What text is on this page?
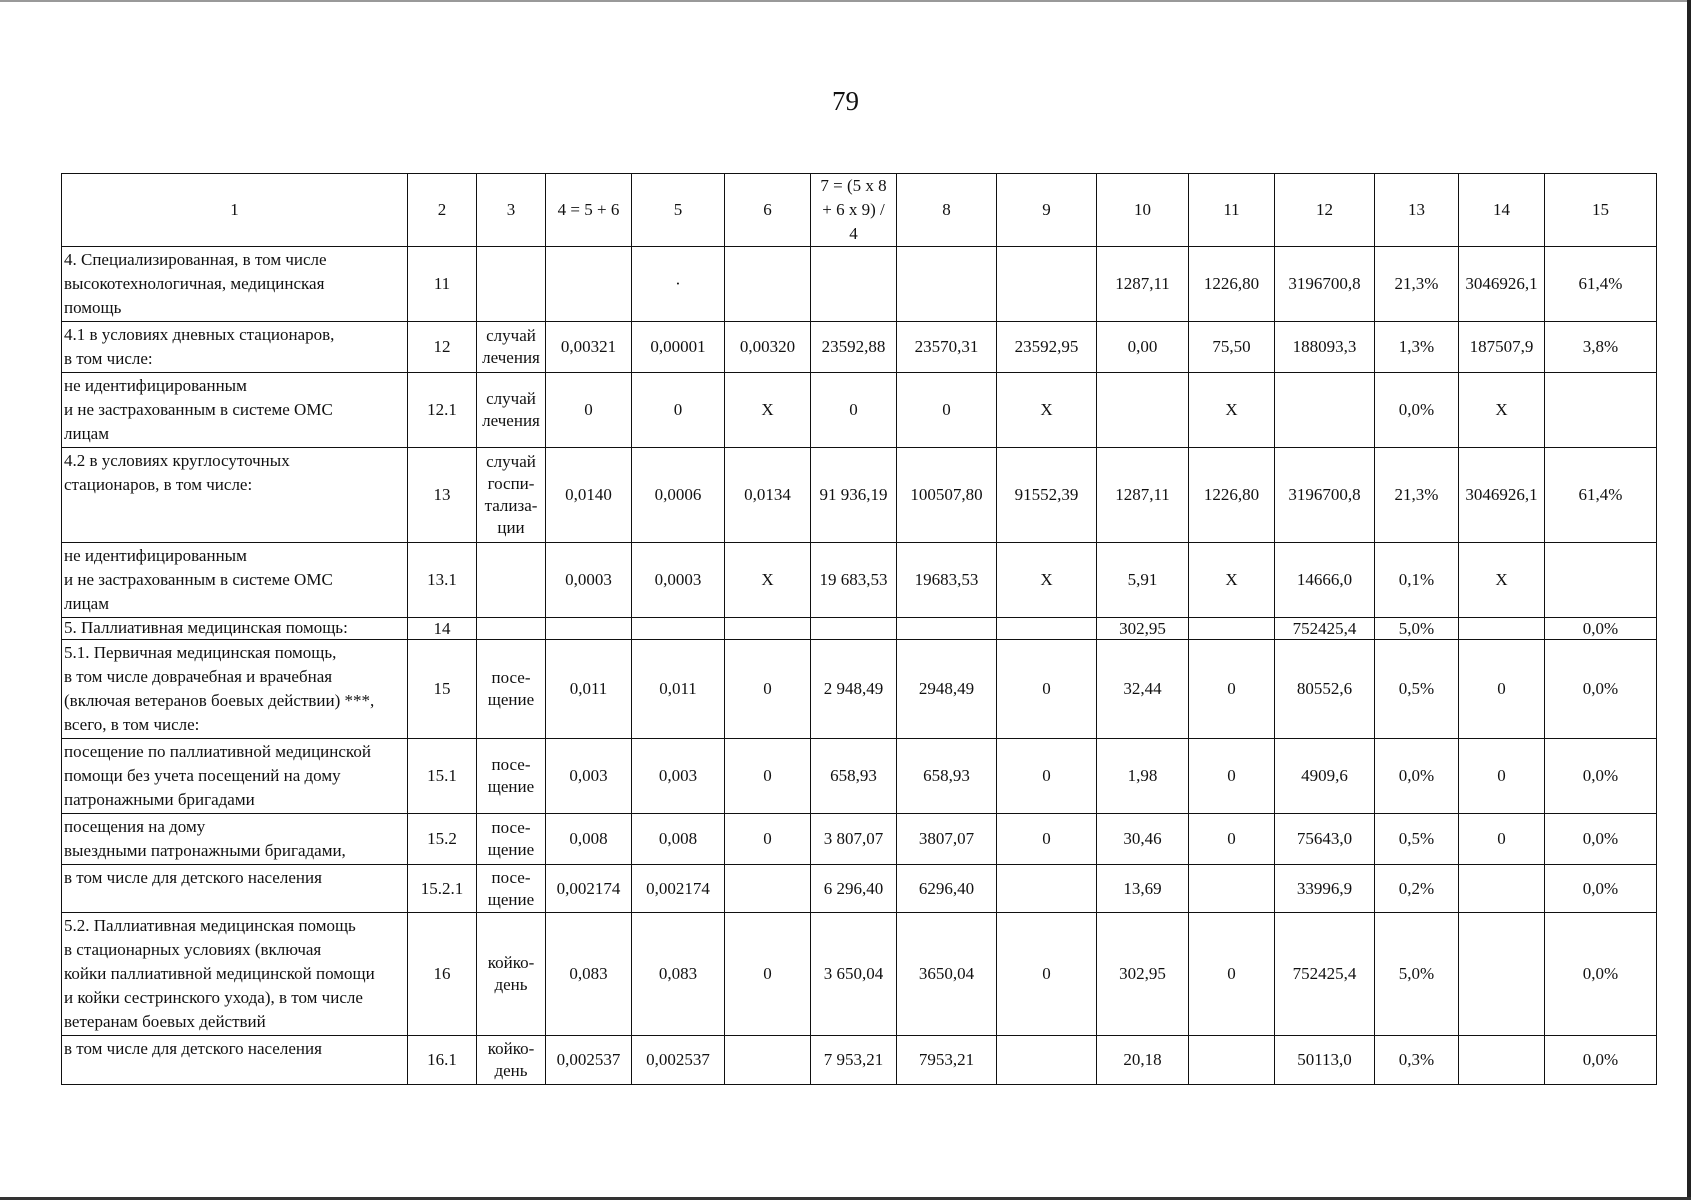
79
1	2	3	4 = 5 + 6	5	6	7 = (5 х 8
+ 6 х 9) /
4	8	9	10	11	12	13	14	15
4. Специализированная, в том числе
высокотехнологичная, медицинская
помощь	11			·					1287,11	1226,80	3196700,8	21,3%	3046926,1	61,4%
4.1 в условиях дневных стационаров,
в том числе:	12	случай
лечения	0,00321	0,00001	0,00320	23592,88	23570,31	23592,95	0,00	75,50	188093,3	1,3%	187507,9	3,8%
не идентифицированным
и не застрахованным в системе ОМС
лицам	12.1	случай
лечения	0	0	Х	0	0	Х		Х		0,0%	Х	
4.2 в условиях круглосуточных
стационаров, в том числе:	13	случай
госпи-
тализа-
ции	0,0140	0,0006	0,0134	91 936,19	100507,80	91552,39	1287,11	1226,80	3196700,8	21,3%	3046926,1	61,4%
не идентифицированным
и не застрахованным в системе ОМС
лицам	13.1		0,0003	0,0003	Х	19 683,53	19683,53	Х	5,91	Х	14666,0	0,1%	Х	
5. Паллиативная медицинская помощь:	14								302,95		752425,4	5,0%		0,0%
5.1. Первичная медицинская помощь,
в том числе доврачебная и врачебная
(включая ветеранов боевых действии) ***,
всего, в том числе:	15	посе-
щение	0,011	0,011	0	2 948,49	2948,49	0	32,44	0	80552,6	0,5%	0	0,0%
посещение по паллиативной медицинской
помощи без учета посещений на дому
патронажными бригадами	15.1	посе-
щение	0,003	0,003	0	658,93	658,93	0	1,98	0	4909,6	0,0%	0	0,0%
посещения на дому
выездными патронажными бригадами,	15.2	посе-
щение	0,008	0,008	0	3 807,07	3807,07	0	30,46	0	75643,0	0,5%	0	0,0%
в том числе для детского населения	15.2.1	посе-
щение	0,002174	0,002174		6 296,40	6296,40		13,69		33996,9	0,2%		0,0%
5.2. Паллиативная медицинская помощь
в стационарных условиях (включая
койки паллиативной медицинской помощи
и койки сестринского ухода), в том числе
ветеранам боевых действий	16	койко-
день	0,083	0,083	0	3 650,04	3650,04	0	302,95	0	752425,4	5,0%		0,0%
в том числе для детского населения	16.1	койко-
день	0,002537	0,002537		7 953,21	7953,21		20,18		50113,0	0,3%		0,0%
